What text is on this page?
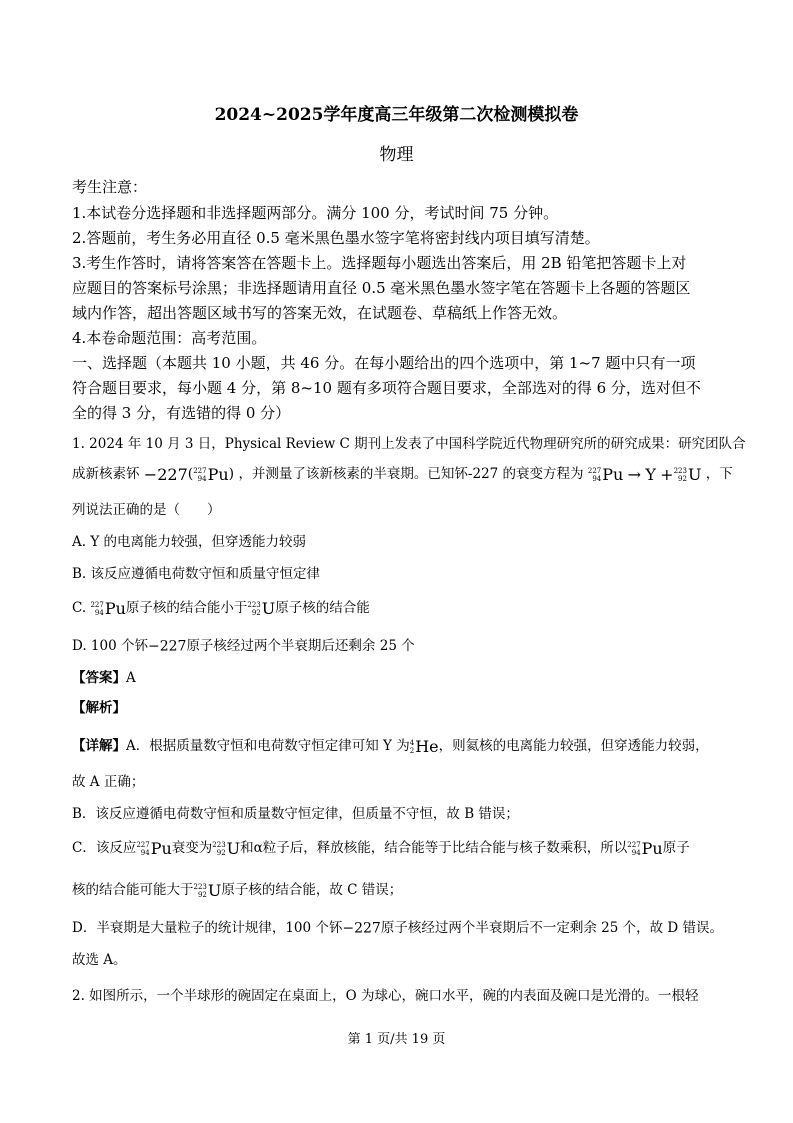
2024~2025学年度高三年级第二次检测模拟卷
物理
考生注意：
1.本试卷分选择题和非选择题两部分。满分 100 分，考试时间 75 分钟。
2.答题前，考生务必用直径 0.5 毫米黑色墨水签字笔将密封线内项目填写清楚。
3.考生作答时，请将答案答在答题卡上。选择题每小题选出答案后，用 2B 铅笔把答题卡上对
应题目的答案标号涂黑；非选择题请用直径 0.5 毫米黑色墨水签字笔在答题卡上各题的答题区
域内作答，超出答题区域书写的答案无效，在试题卷、草稿纸上作答无效。
4.本卷命题范围：高考范围。
一、选择题（本题共 10 小题，共 46 分。在每小题给出的四个选项中，第 1~7 题中只有一项
符合题目要求，每小题 4 分，第 8~10 题有多项符合题目要求，全部选对的得 6 分，选对但不
全的得 3 分，有选错的得 0 分）
1. 2024 年 10 月 3 日，Physical Review C 期刊上发表了中国科学院近代物理研究所的研究成果：研究团队合
成新核素钚 −227( 227
94 Pu) ，并测量了该新核素的半衰期。已知钚-227 的衰变方程为 227
94 Pu → Y + 223
92 U ，下
列说法正确的是（　　）
A. Y 的电离能力较强，但穿透能力较弱
B. 该反应遵循电荷数守恒和质量守恒定律
C. 227
94 Pu原子核的结合能小于 223
92 U原子核的结合能
D. 100 个钚−227原子核经过两个半衰期后还剩余 25 个
【答案】A
【解析】
【详解】A．根据质量数守恒和电荷数守恒定律可知 Y 为 4
2 He，则氦核的电离能力较强，但穿透能力较弱，
故 A 正确；
B．该反应遵循电荷数守恒和质量数守恒定律，但质量不守恒，故 B 错误；
C．该反应 227
94 Pu衰变为 223
92 U和α粒子后，释放核能，结合能等于比结合能与核子数乘积，所以 227
94 Pu原子
核的结合能可能大于 223
92 U原子核的结合能，故 C 错误；
D．半衰期是大量粒子的统计规律，100 个钚−227原子核经过两个半衰期后不一定剩余 25 个，故 D 错误。
故选 A。
2. 如图所示，一个半球形的碗固定在桌面上，O 为球心，碗口水平，碗的内表面及碗口是光滑的。一根轻
第 1 页/共 19 页
